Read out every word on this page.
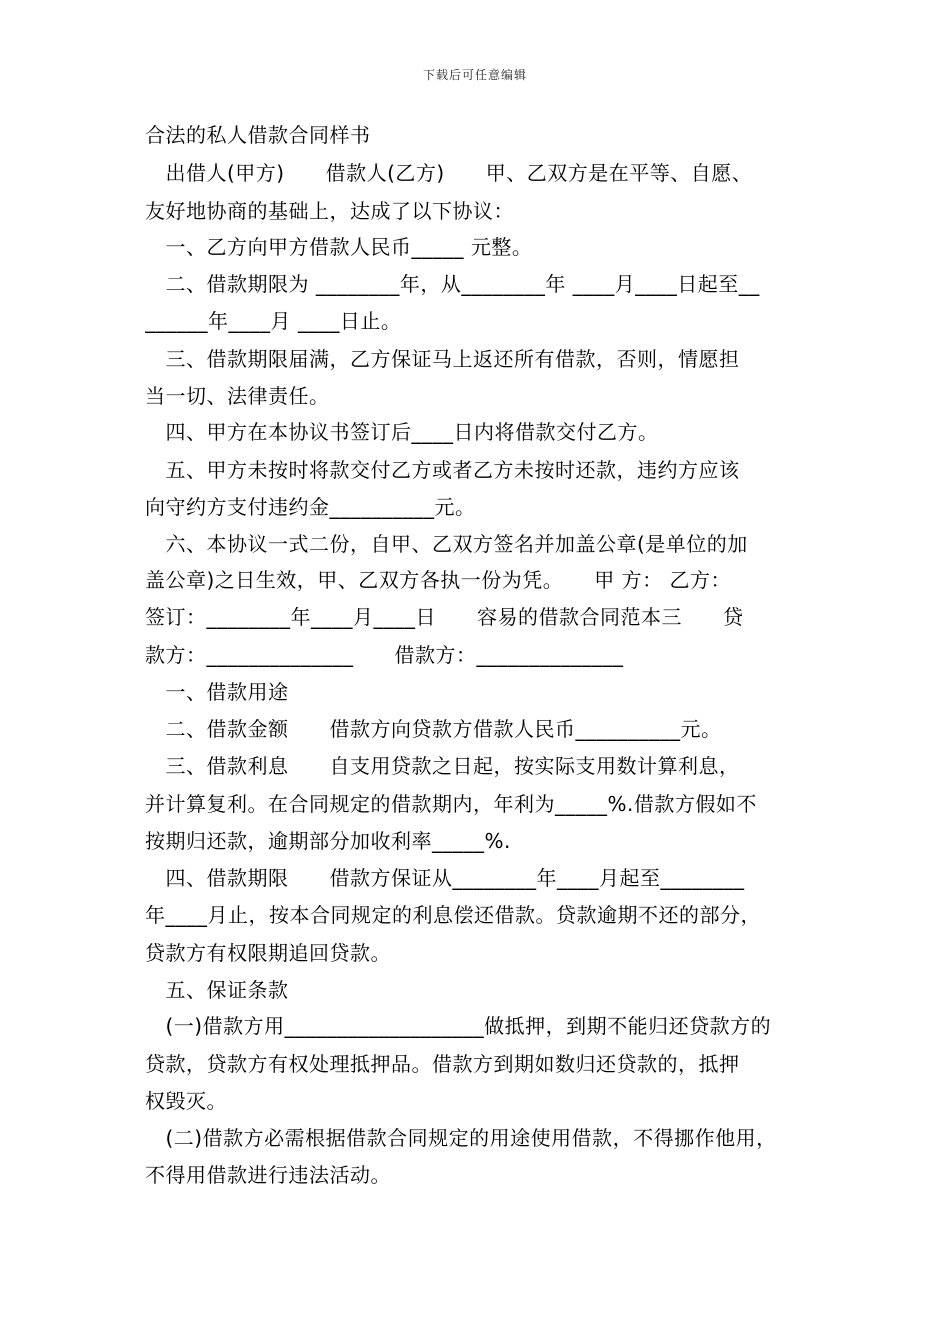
下载后可任意编辑
合法的私人借款合同样书
　出借人(甲方)　　借款人(乙方)　　甲、乙双方是在平等、自愿、
友好地协商的基础上，达成了以下协议：
　一、乙方向甲方借款人民币_____ 元整。
　二、借款期限为 ________年，从________年 ____月____日起至__
______年____月 ____日止。
　三、借款期限届满，乙方保证马上返还所有借款，否则，情愿担
当一切、法律责任。
　四、甲方在本协议书签订后____日内将借款交付乙方。
　五、甲方未按时将款交付乙方或者乙方未按时还款，违约方应该
向守约方支付违约金__________元。
　六、本协议一式二份，自甲、乙双方签名并加盖公章(是单位的加
盖公章)之日生效，甲、乙双方各执一份为凭。　　甲 方： 乙方：
签订：________年____月____日　　容易的借款合同范本三　　贷
款方：______________　　借款方：______________
　一、借款用途
　二、借款金额　　借款方向贷款方借款人民币__________元。
　三、借款利息　　自支用贷款之日起，按实际支用数计算利息，
并计算复利。在合同规定的借款期内，年利为_____%.借款方假如不
按期归还款，逾期部分加收利率_____%.
　四、借款期限　　借款方保证从________年____月起至________
年____月止，按本合同规定的利息偿还借款。贷款逾期不还的部分，
贷款方有权限期追回贷款。
　五、保证条款
　(一)借款方用___________________做抵押，到期不能归还贷款方的
贷款，贷款方有权处理抵押品。借款方到期如数归还贷款的，抵押
权毁灭。
　(二)借款方必需根据借款合同规定的用途使用借款，不得挪作他用，
不得用借款进行违法活动。
